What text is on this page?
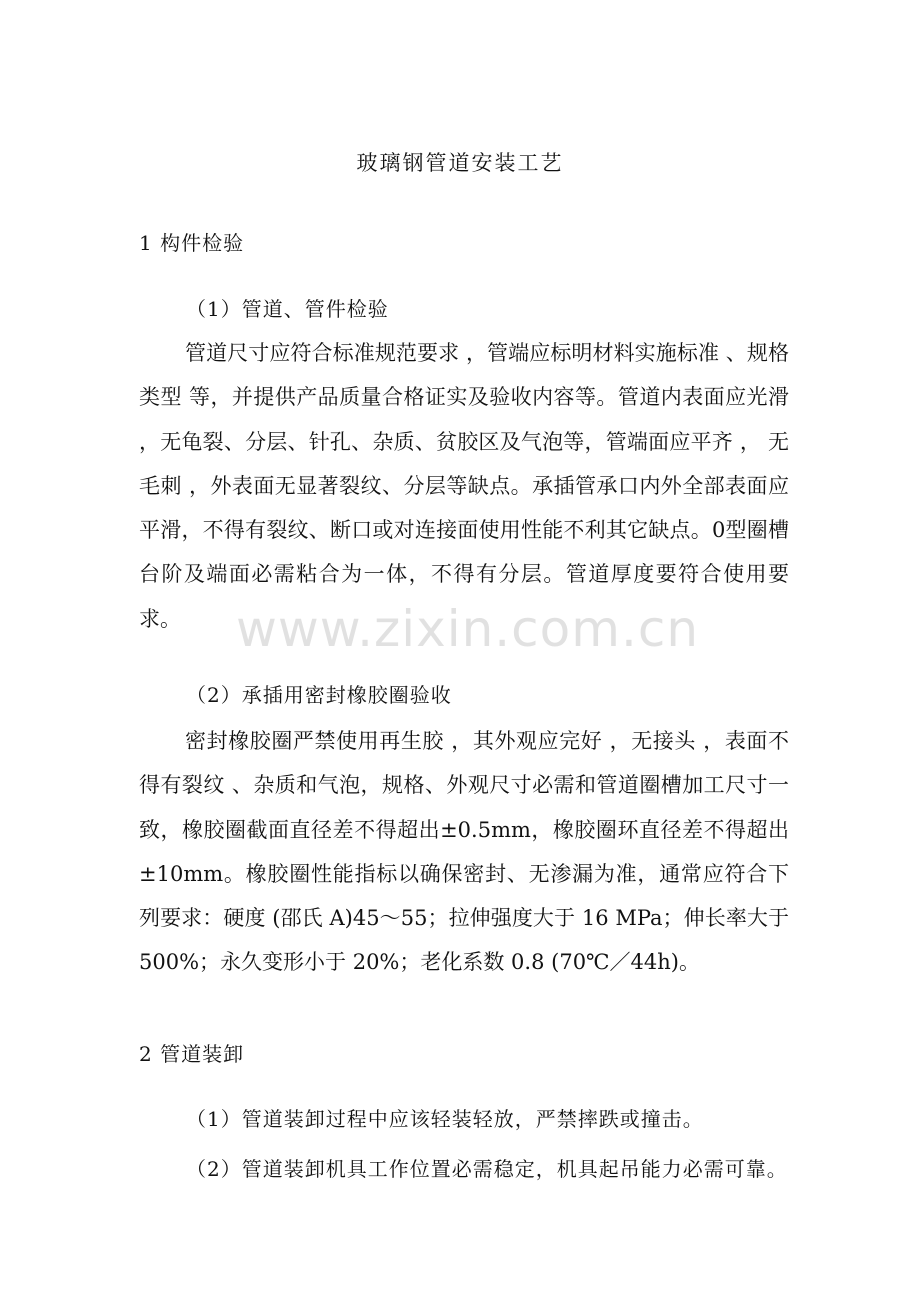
玻璃钢管道安装工艺
1 构件检验
（1）管道、管件检验

管道尺寸应符合标准规范要求 ，管端应标明材料实施标准 、规格类型 等，并提供产品质量合格证实及验收内容等。管道内表面应光滑 ，无龟裂、分层、针孔、杂质、贫胶区及气泡等，管端面应平齐 ， 无毛刺 ，外表面无显著裂纹、分层等缺点。承插管承口内外全部表面应平滑，不得有裂纹、断口或对连接面使用性能不利其它缺点。0型圈槽台阶及端面必需粘合为一体，不得有分层。管道厚度要符合使用要求。

（2）承插用密封橡胶圈验收

密封橡胶圈严禁使用再生胶 ，其外观应完好 ，无接头 ，表面不得有裂纹 、杂质和气泡，规格、外观尺寸必需和管道圈槽加工尺寸一致，橡胶圈截面直径差不得超出±0.5mm，橡胶圈环直径差不得超出±10mm。橡胶圈性能指标以确保密封、无渗漏为准，通常应符合下列要求：硬度 (邵氏 A)45～55；拉伸强度大于 16 MPa；伸长率大于 500%；永久变形小于 20%；老化系数 0.8 (70℃／44h)。

2 管道装卸
（1）管道装卸过程中应该轻装轻放，严禁摔跌或撞击。
（2）管道装卸机具工作位置必需稳定，机具起吊能力必需可靠。
www.zixin.com.cn
